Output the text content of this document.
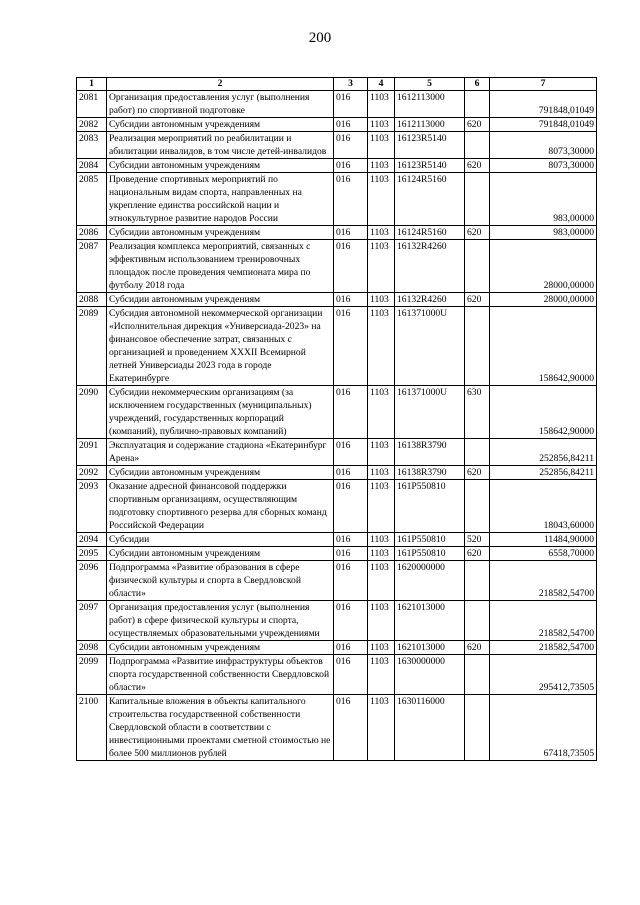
200
1	2	3	4	5	6	7
2081	Организация предоставления услуг (выполнения работ) по спортивной подготовке	016	1103	1612113000		791848,01049
2082	Субсидии автономным учреждениям	016	1103	1612113000	620	791848,01049
2083	Реализация мероприятий по реабилитации и абилитации инвалидов, в том числе детей-инвалидов	016	1103	16123R5140		8073,30000
2084	Субсидии автономным учреждениям	016	1103	16123R5140	620	8073,30000
2085	Проведение спортивных мероприятий по национальным видам спорта, направленных на укрепление единства российской нации и этнокультурное развитие народов России	016	1103	16124R5160		983,00000
2086	Субсидии автономным учреждениям	016	1103	16124R5160	620	983,00000
2087	Реализация комплекса мероприятий, связанных с эффективным использованием тренировочных площадок после проведения чемпионата мира по футболу 2018 года	016	1103	16132R4260		28000,00000
2088	Субсидии автономным учреждениям	016	1103	16132R4260	620	28000,00000
2089	Субсидия автономной некоммерческой организации «Исполнительная дирекция «Универсиада-2023» на финансовое обеспечение затрат, связанных с организацией и проведением XXXII Всемирной летней Универсиады 2023 года в городе Екатеринбурге	016	1103	161371000U		158642,90000
2090	Субсидии некоммерческим организациям (за исключением государственных (муниципальных) учреждений, государственных корпораций (компаний), публично-правовых компаний)	016	1103	161371000U	630	158642,90000
2091	Эксплуатация и содержание стадиона «Екатеринбург Арена»	016	1103	16138R3790		252856,84211
2092	Субсидии автономным учреждениям	016	1103	16138R3790	620	252856,84211
2093	Оказание адресной финансовой поддержки спортивным организациям, осуществляющим подготовку спортивного резерва для сборных команд Российской Федерации	016	1103	161P550810		18043,60000
2094	Субсидии	016	1103	161P550810	520	11484,90000
2095	Субсидии автономным учреждениям	016	1103	161P550810	620	6558,70000
2096	Подпрограмма «Развитие образования в сфере физической культуры и спорта в Свердловской области»	016	1103	1620000000		218582,54700
2097	Организация предоставления услуг (выполнения работ) в сфере физической культуры и спорта, осуществляемых образовательными учреждениями	016	1103	1621013000		218582,54700
2098	Субсидии автономным учреждениям	016	1103	1621013000	620	218582,54700
2099	Подпрограмма «Развитие инфраструктуры объектов спорта государственной собственности Свердловской области»	016	1103	1630000000		295412,73505
2100	Капитальные вложения в объекты капитального строительства государственной собственности Свердловской области в соответствии с инвестиционными проектами сметной стоимостью не более 500 миллионов рублей	016	1103	1630116000		67418,73505
